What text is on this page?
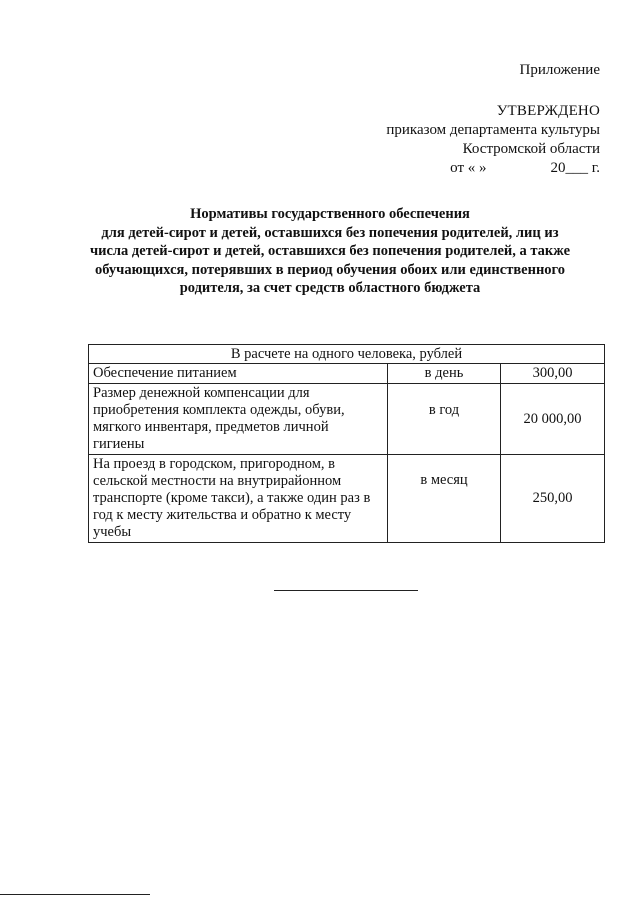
Приложение
УТВЕРЖДЕНО
приказом департамента культуры
Костромской области
от « »	20___ г.
Нормативы государственного обеспечения
для детей-сирот и детей, оставшихся без попечения родителей, лиц из
числа детей-сирот и детей, оставшихся без попечения родителей, а также
обучающихся, потерявших в период обучения обоих или единственного
родителя, за счет средств областного бюджета
В расчете на одного человека, рублей		
Обеспечение питанием	в день	300,00
Размер денежной компенсации для приобретения комплекта одежды, обуви, мягкого инвентаря, предметов личной гигиены	в год	20 000,00
На проезд в городском, пригородном, в сельской местности на внутрирайонном транспорте (кроме такси), а также один раз в год к месту жительства и обратно к месту учебы	в месяц	250,00
